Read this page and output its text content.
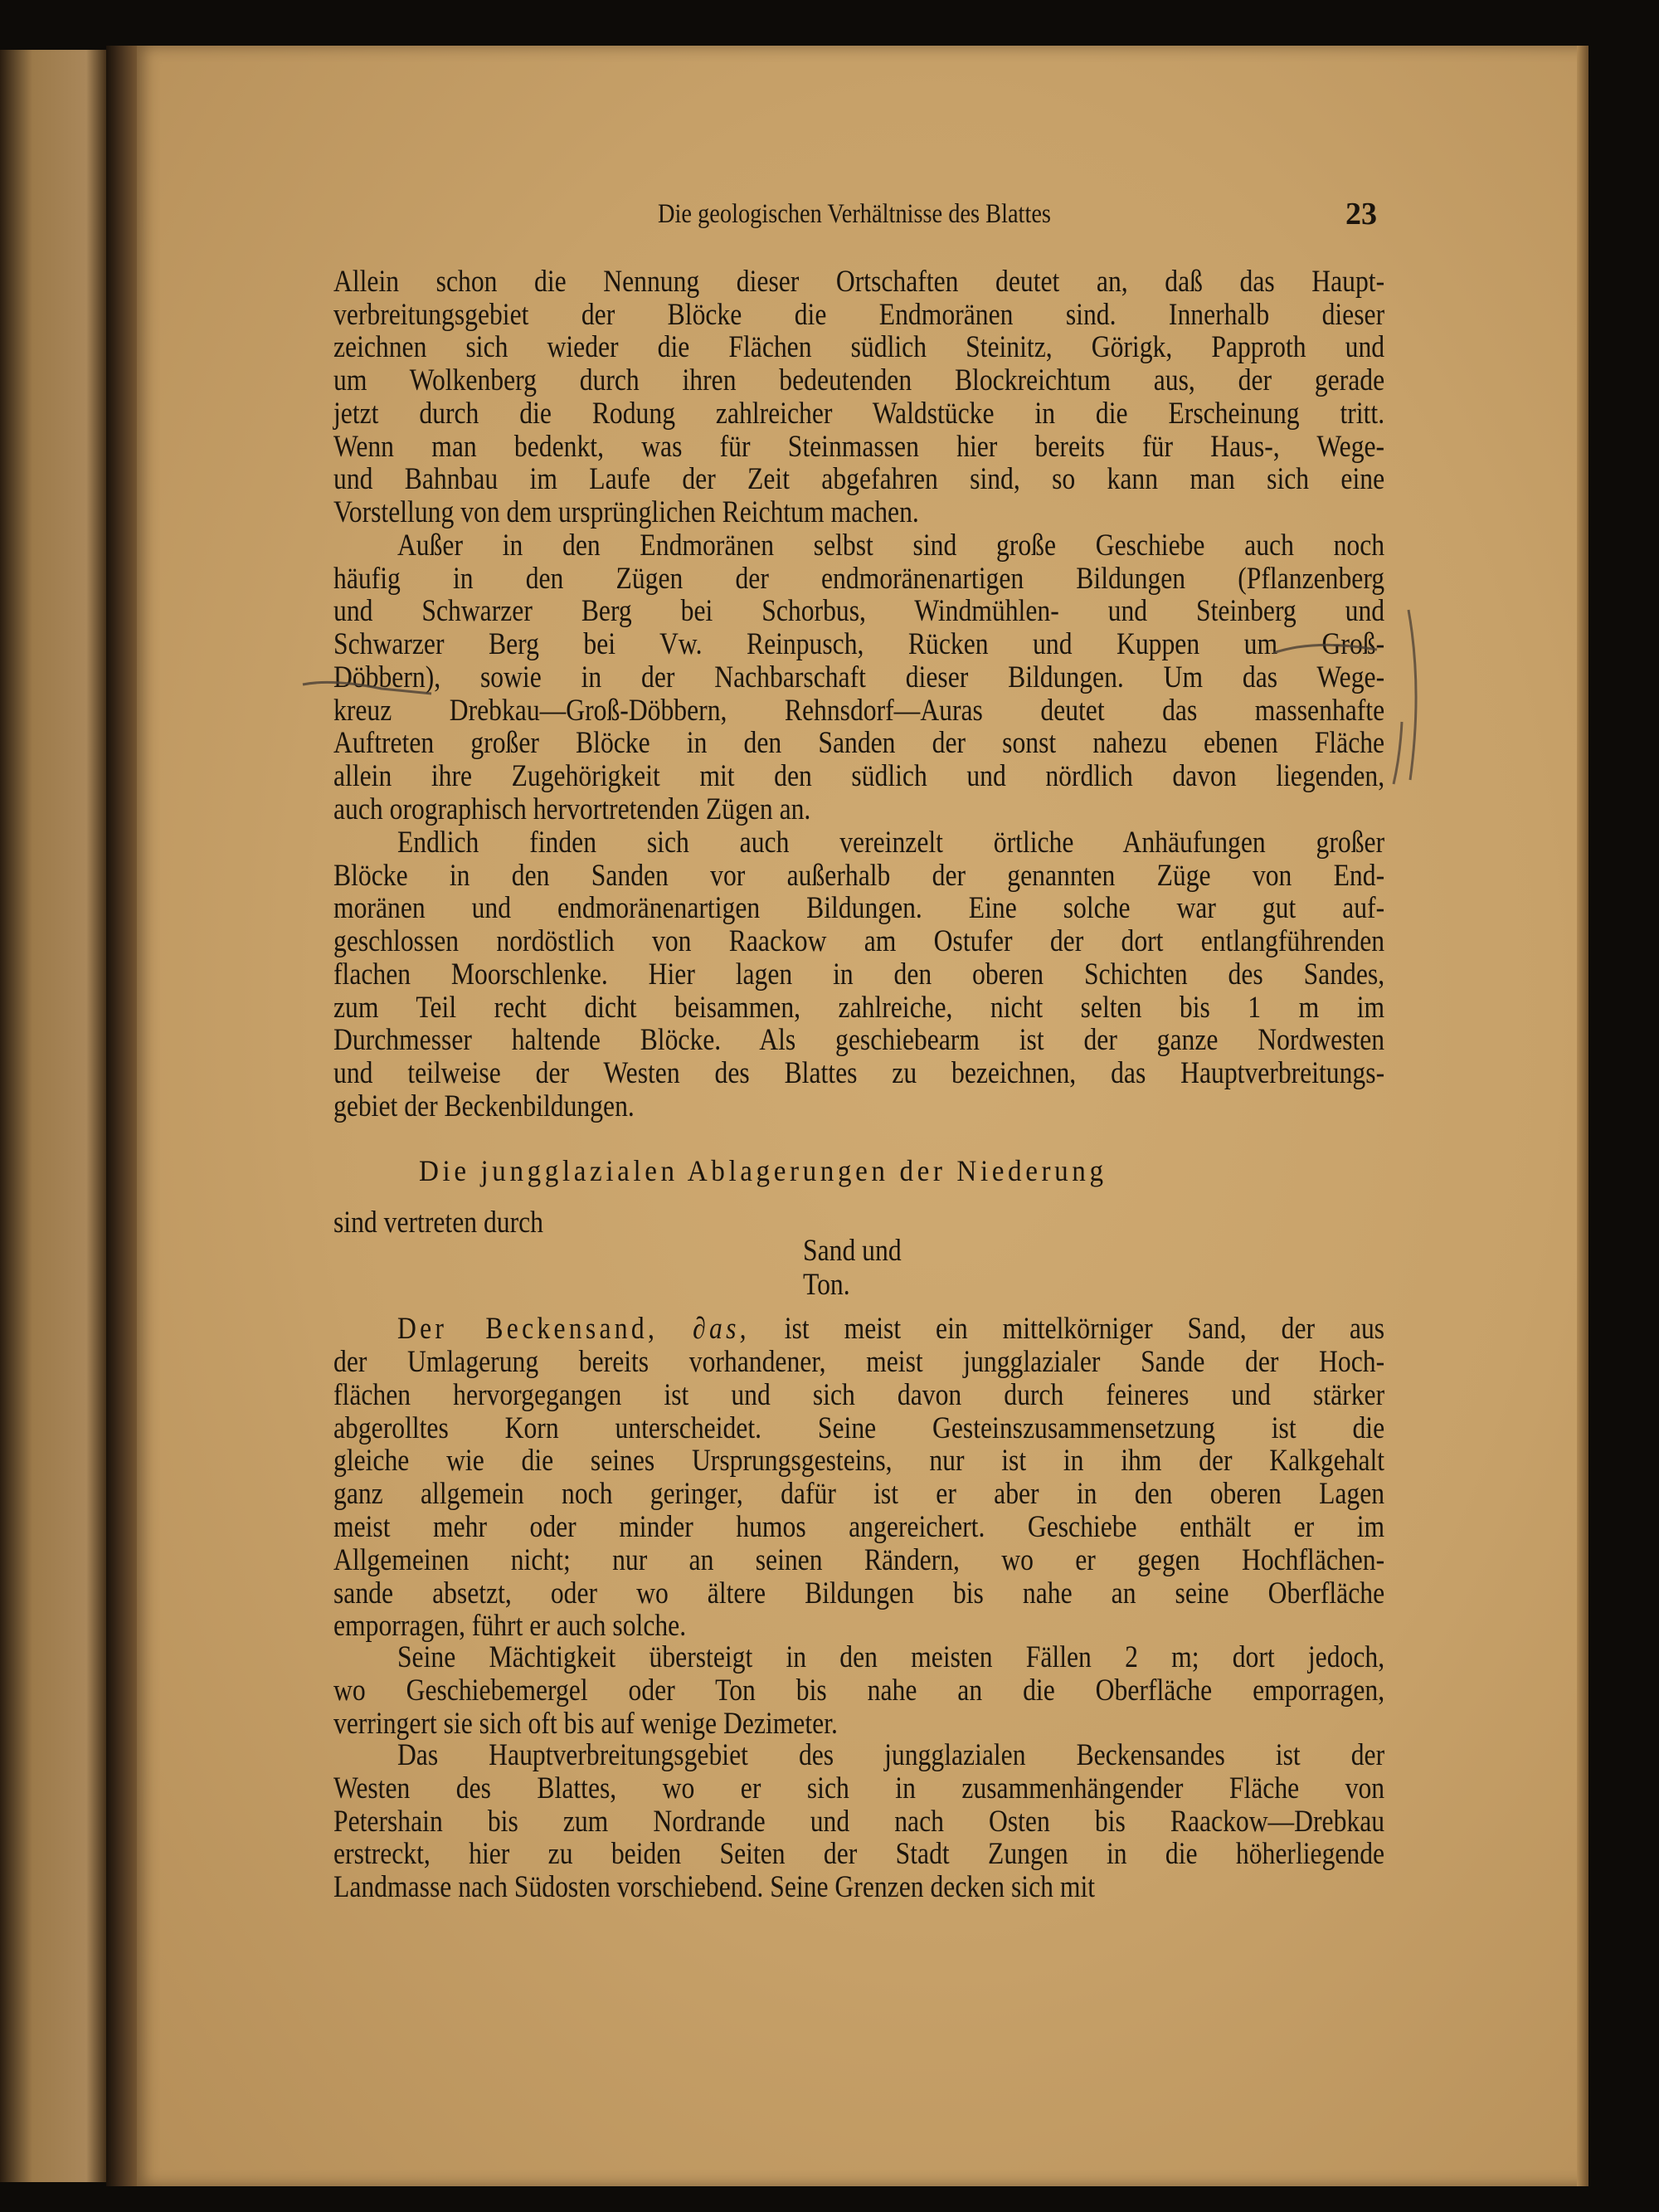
Die geologischen Verhältnisse des Blattes	23
Allein schon die Nennung dieser Ortschaften deutet an, daß das Haupt-
verbreitungsgebiet der Blöcke die Endmoränen sind. Innerhalb dieser
zeichnen sich wieder die Flächen südlich Steinitz, Görigk, Papproth und
um Wolkenberg durch ihren bedeutenden Blockreichtum aus, der gerade
jetzt durch die Rodung zahlreicher Waldstücke in die Erscheinung tritt.
Wenn man bedenkt, was für Steinmassen hier bereits für Haus-, Wege-
und Bahnbau im Laufe der Zeit abgefahren sind, so kann man sich eine
Vorstellung von dem ursprünglichen Reichtum machen.
Außer in den Endmoränen selbst sind große Geschiebe auch noch
häufig in den Zügen der endmoränenartigen Bildungen (Pflanzenberg
und Schwarzer Berg bei Schorbus, Windmühlen- und Steinberg und
Schwarzer Berg bei Vw. Reinpusch, Rücken und Kuppen um Groß-
Döbbern), sowie in der Nachbarschaft dieser Bildungen. Um das Wege-
kreuz Drebkau—Groß-Döbbern, Rehnsdorf—Auras deutet das massenhafte
Auftreten großer Blöcke in den Sanden der sonst nahezu ebenen Fläche
allein ihre Zugehörigkeit mit den südlich und nördlich davon liegenden,
auch orographisch hervortretenden Zügen an.
Endlich finden sich auch vereinzelt örtliche Anhäufungen großer
Blöcke in den Sanden vor außerhalb der genannten Züge von End-
moränen und endmoränenartigen Bildungen. Eine solche war gut auf-
geschlossen nordöstlich von Raackow am Ostufer der dort entlangführenden
flachen Moorschlenke. Hier lagen in den oberen Schichten des Sandes,
zum Teil recht dicht beisammen, zahlreiche, nicht selten bis 1 m im
Durchmesser haltende Blöcke. Als geschiebearm ist der ganze Nordwesten
und teilweise der Westen des Blattes zu bezeichnen, das Hauptverbreitungs-
gebiet der Beckenbildungen.
Die jungglazialen Ablagerungen der Niederung
sind vertreten durch
Sand und
Ton.
Der Beckensand, ∂as, ist meist ein mittelkörniger Sand, der aus
der Umlagerung bereits vorhandener, meist jungglazialer Sande der Hoch-
flächen hervorgegangen ist und sich davon durch feineres und stärker
abgerolltes Korn unterscheidet. Seine Gesteinszusammensetzung ist die
gleiche wie die seines Ursprungsgesteins, nur ist in ihm der Kalkgehalt
ganz allgemein noch geringer, dafür ist er aber in den oberen Lagen
meist mehr oder minder humos angereichert. Geschiebe enthält er im
Allgemeinen nicht; nur an seinen Rändern, wo er gegen Hochflächen-
sande absetzt, oder wo ältere Bildungen bis nahe an seine Oberfläche
emporragen, führt er auch solche.
Seine Mächtigkeit übersteigt in den meisten Fällen 2 m; dort jedoch,
wo Geschiebemergel oder Ton bis nahe an die Oberfläche emporragen,
verringert sie sich oft bis auf wenige Dezimeter.
Das Hauptverbreitungsgebiet des jungglazialen Beckensandes ist der
Westen des Blattes, wo er sich in zusammenhängender Fläche von
Petershain bis zum Nordrande und nach Osten bis Raackow—Drebkau
erstreckt, hier zu beiden Seiten der Stadt Zungen in die höherliegende
Landmasse nach Südosten vorschiebend. Seine Grenzen decken sich mit
